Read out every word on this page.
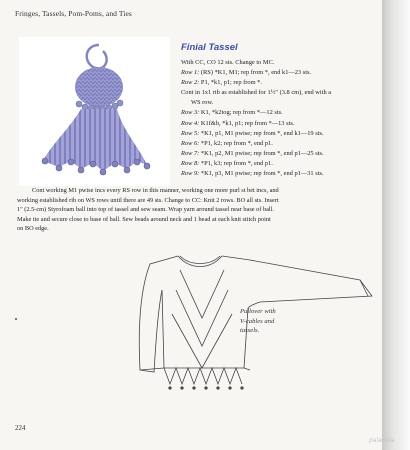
Fringes, Tassels, Pom-Poms, and Ties
Finial Tassel
With CC, CO 12 sts. Change to MC.
Row 1: (RS) *K1, M1; rep from *, end k1—23 sts.
Row 2: P1, *k1, p1; rep from *.
Cont in 1x1 rib as established for 1½" (3.8 cm), end with a
WS row.
Row 3: K1, *k2tog; rep from *—12 sts.
Row 4: K1f&b, *k1, p1; rep from *—13 sts.
Row 5: *K1, p1, M1 pwise; rep from *, end k1—19 sts.
Row 6: *P1, k2; rep from *, end p1.
Row 7: *K1, p2, M1 pwise; rep from *, end p1—25 sts.
Row 8: *P1, k3; rep from *, end p1.
Row 9: *K1, p3, M1 pwise; rep from *, end p1—31 sts.
Cont working M1 pwise incs every RS row in this manner, working one more purl st bet incs, and
working established rib on WS rows until there are 49 sts. Change to CC: Knit 2 rows. BO all sts. Insert
1" (2.5-cm) Styrofoam ball into top of tassel and sew seam. Wrap yarn around tassel near base of ball.
Make tie and secure close to base of ball. Sew beads around neck and 1 bead at each knit stitch point
on BO edge.
Pullover with
V-cables and
tassels.
224
palapala
